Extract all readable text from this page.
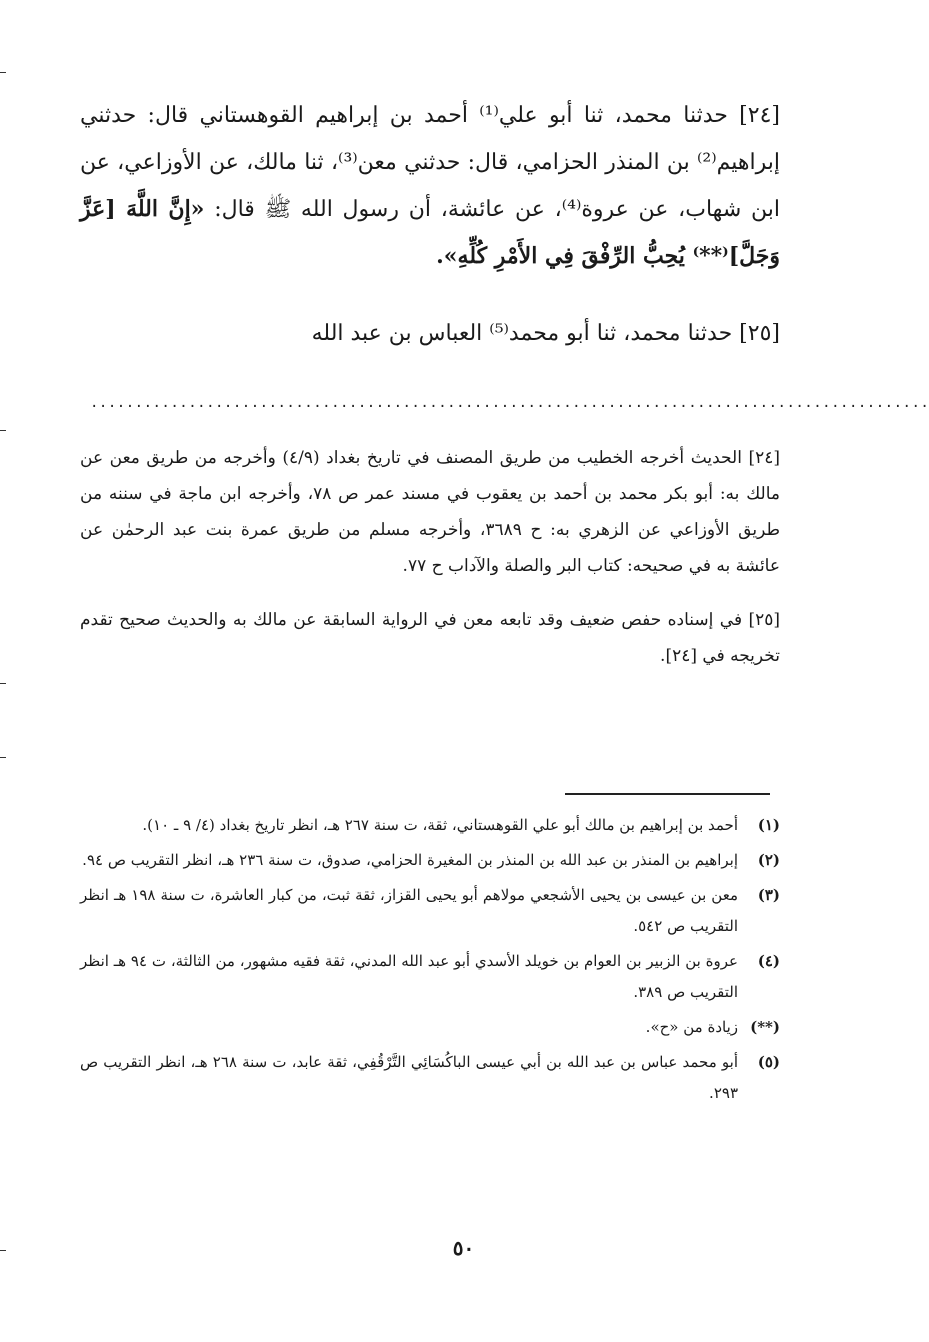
[٢٤] حدثنا محمد، ثنا أبو علي⁽¹⁾ أحمد بن إبراهيم القوهستاني قال: حدثني إبراهيم⁽²⁾ بن المنذر الحزامي، قال: حدثني معن⁽³⁾، ثنا مالك، عن الأوزاعي، عن ابن شهاب، عن عروة⁽⁴⁾، عن عائشة، أن رسول الله ﷺ قال: «إِنَّ اللَّهَ [عَزَّ وَجَلَّ]⁽**⁾ يُحِبُّ الرِّفْقَ فِي الأَمْرِ كُلِّهِ».

[٢٥] حدثنا محمد، ثنا أبو محمد⁽⁵⁾ العباس بن عبد الله

..............................................................................................

[٢٤] الحديث أخرجه الخطيب من طريق المصنف في تاريخ بغداد (٤/٩) وأخرجه من طريق معن عن مالك به: أبو بكر محمد بن أحمد بن يعقوب في مسند عمر ص ٧٨، وأخرجه ابن ماجة في سننه من طريق الأوزاعي عن الزهري به: ح ٣٦٨٩، وأخرجه مسلم من طريق عمرة بنت عبد الرحمٰن عن عائشة به في صحيحه: كتاب البر والصلة والآداب ح ٧٧.

[٢٥] في إسناده حفص ضعيف وقد تابعه معن في الرواية السابقة عن مالك به والحديث صحيح تقدم تخريجه في [٢٤].

(١)
أحمد بن إبراهيم بن مالك أبو علي القوهستاني، ثقة، ت سنة ٢٦٧ هـ، انظر تاريخ بغداد (٤/ ٩ ـ ١٠).
(٢)
إبراهيم بن المنذر بن عبد الله بن المنذر بن المغيرة الحزامي، صدوق، ت سنة ٢٣٦ هـ، انظر التقريب ص ٩٤.
(٣)
معن بن عيسى بن يحيى الأشجعي مولاهم أبو يحيى القزاز، ثقة ثبت، من كبار العاشرة، ت سنة ١٩٨ هـ انظر التقريب ص ٥٤٢.
(٤)
عروة بن الزبير بن العوام بن خويلد الأسدي أبو عبد الله المدني، ثقة فقيه مشهور، من الثالثة، ت ٩٤ هـ انظر التقريب ص ٣٨٩.
(**)
زيادة من «ح».
(٥)
أبو محمد عباس بن عبد الله بن أبي عيسى الباكُسَائِي التَّرْقُفِي، ثقة عابد، ت سنة ٢٦٨ هـ، انظر التقريب ص ٢٩٣.
٥٠
